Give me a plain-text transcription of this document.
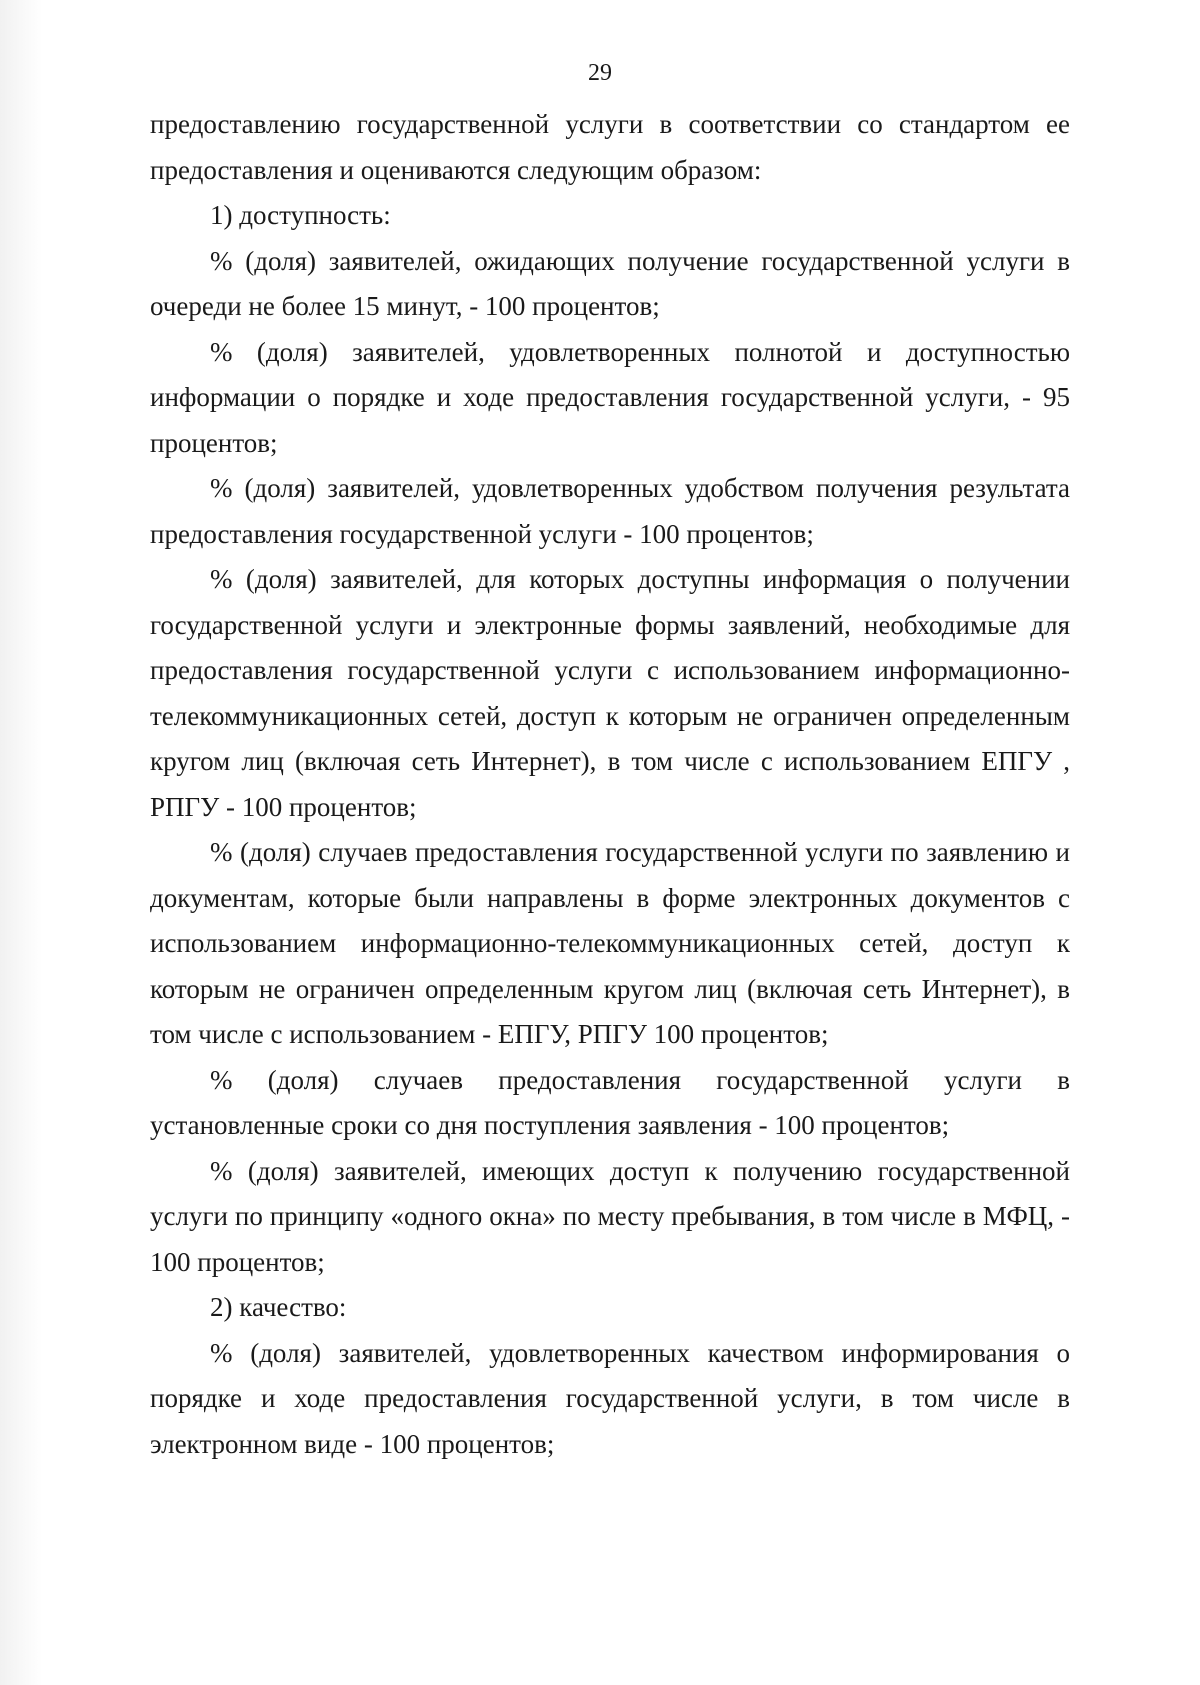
29

предоставлению государственной услуги в соответствии со стандартом ее предоставления и оцениваются следующим образом:

1) доступность:

% (доля) заявителей, ожидающих получение государственной услуги в очереди не более 15 минут, - 100 процентов;

% (доля) заявителей, удовлетворенных полнотой и доступностью информации о порядке и ходе предоставления государственной услуги, - 95 процентов;

% (доля) заявителей, удовлетворенных удобством получения результата предоставления государственной услуги - 100 процентов;

% (доля) заявителей, для которых доступны информация о получении государственной услуги и электронные формы заявлений, необходимые для предоставления государственной услуги с использованием информационно-телекоммуникационных сетей, доступ к которым не ограничен определенным кругом лиц (включая сеть Интернет), в том числе с использованием ЕПГУ , РПГУ - 100 процентов;

% (доля) случаев предоставления государственной услуги по заявлению и документам, которые были направлены в форме электронных документов с использованием информационно-телекоммуникационных сетей, доступ к которым не ограничен определенным кругом лиц (включая сеть Интернет), в том числе с использованием - ЕПГУ, РПГУ 100 процентов;

% (доля) случаев предоставления государственной услуги в установленные сроки со дня поступления заявления - 100 процентов;

% (доля) заявителей, имеющих доступ к получению государственной услуги по принципу «одного окна» по месту пребывания, в том числе в МФЦ, - 100 процентов;

2) качество:

% (доля) заявителей, удовлетворенных качеством информирования о порядке и ходе предоставления государственной услуги, в том числе в электронном виде - 100 процентов;
